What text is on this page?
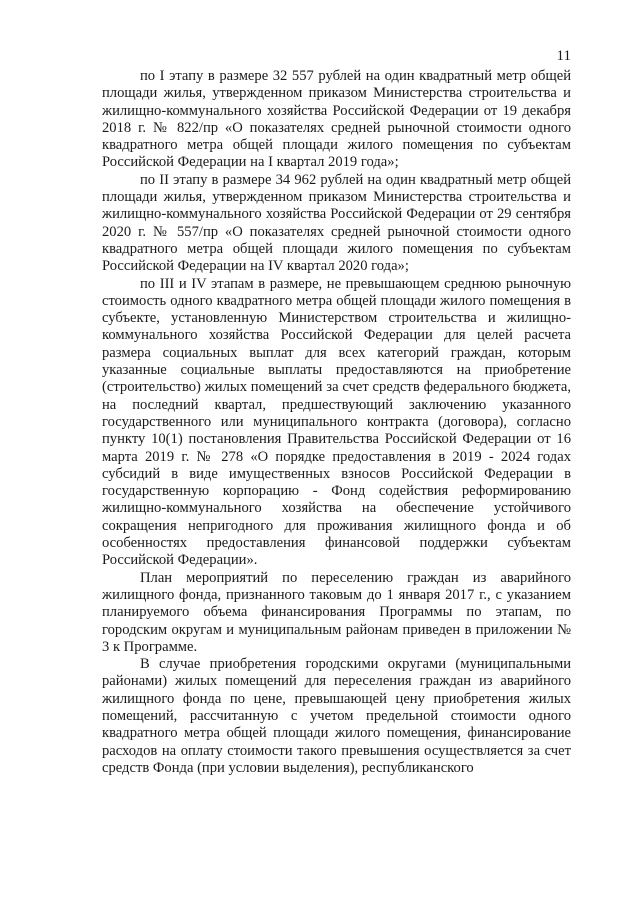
11

по I этапу в размере 32 557 рублей на один квадратный метр общей площади жилья, утвержденном приказом Министерства строительства и жилищно-коммунального хозяйства Российской Федерации от 19 декабря 2018 г. № 822/пр «О показателях средней рыночной стоимости одного квадратного метра общей площади жилого помещения по субъектам Российской Федерации на I квартал 2019 года»;

по II этапу в размере 34 962 рублей на один квадратный метр общей площади жилья, утвержденном приказом Министерства строительства и жилищно-коммунального хозяйства Российской Федерации от 29 сентября 2020 г. № 557/пр «О показателях средней рыночной стоимости одного квадратного метра общей площади жилого помещения по субъектам Российской Федерации на IV квартал 2020 года»;

по III и IV этапам в размере, не превышающем среднюю рыночную стоимость одного квадратного метра общей площади жилого помещения в субъекте, установленную Министерством строительства и жилищно-коммунального хозяйства Российской Федерации для целей расчета размера социальных выплат для всех категорий граждан, которым указанные социальные выплаты предоставляются на приобретение (строительство) жилых помещений за счет средств федерального бюджета, на последний квартал, предшествующий заключению указанного государственного или муниципального контракта (договора), согласно пункту 10(1) постановления Правительства Российской Федерации от 16 марта 2019 г. № 278 «О порядке предоставления в 2019 - 2024 годах субсидий в виде имущественных взносов Российской Федерации в государственную корпорацию - Фонд содействия реформированию жилищно-коммунального хозяйства на обеспечение устойчивого сокращения непригодного для проживания жилищного фонда и об особенностях предоставления финансовой поддержки субъектам Российской Федерации».

План мероприятий по переселению граждан из аварийного жилищного фонда, признанного таковым до 1 января 2017 г., с указанием планируемого объема финансирования Программы по этапам, по городским округам и муниципальным районам приведен в приложении № 3 к Программе.

В случае приобретения городскими округами (муниципальными районами) жилых помещений для переселения граждан из аварийного жилищного фонда по цене, превышающей цену приобретения жилых помещений, рассчитанную с учетом предельной стоимости одного квадратного метра общей площади жилого помещения, финансирование расходов на оплату стоимости такого превышения осуществляется за счет средств Фонда (при условии выделения), республиканского
